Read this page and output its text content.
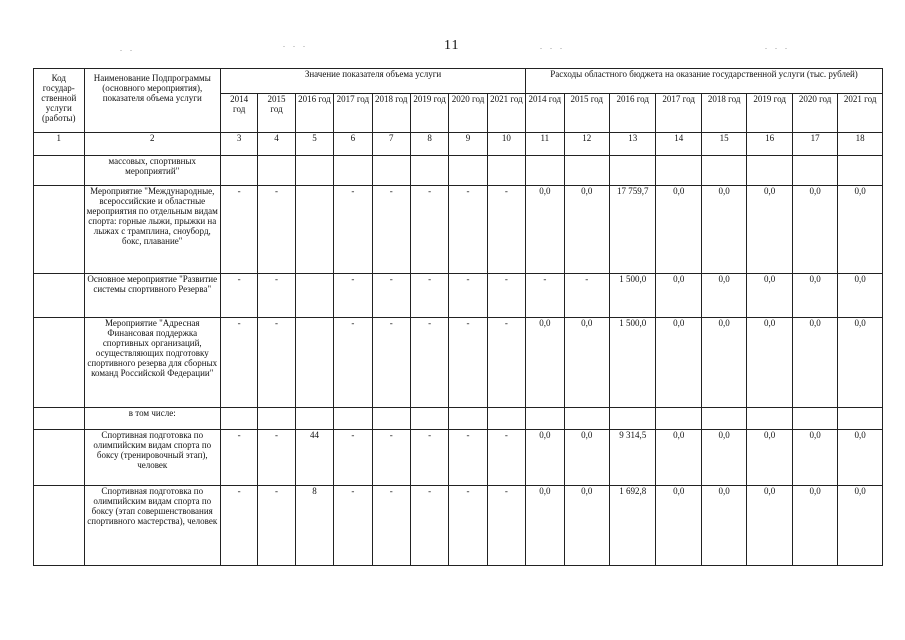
11
. .	. . .	. . .	. . .
Код государ-ственной услуги (работы)	Наименование Подпрограммы (основного мероприятия), показателя объема услуги	Значение показателя объема услуги								Расходы областного бюджета на оказание государственной услуги (тыс. рублей)							
		2014 год	2015 год	2016 год	2017 год	2018 год	2019 год	2020 год	2021 год	2014 год	2015 год	2016 год	2017 год	2018 год	2019 год	2020 год	2021 год
1	2	3	4	5	6	7	8	9	10	11	12	13	14	15	16	17	18
	массовых, спортивных мероприятий"																
	Мероприятие "Международные, всероссийские и областные мероприятия по отдельным видам спорта: горные лыжи, прыжки на лыжах с трамплина, сноуборд, бокс, плавание"	-	-		-	-	-	-	-	0,0	0,0	17 759,7	0,0	0,0	0,0	0,0	0,0
	Основное мероприятие "Развитие системы спортивного Резерва"	-	-		-	-	-	-	-	-	-	1 500,0	0,0	0,0	0,0	0,0	0,0
	Мероприятие "Адресная Финансовая поддержка спортивных организаций, осуществляющих подготовку спортивного резерва для сборных команд Российской Федерации"	-	-		-	-	-	-	-	0,0	0,0	1 500,0	0,0	0,0	0,0	0,0	0,0
	в том числе:																
	Спортивная подготовка по олимпийским видам спорта по боксу (тренировочный этап), человек	-	-	44	-	-	-	-	-	0,0	0,0	9 314,5	0,0	0,0	0,0	0,0	0,0
	Спортивная подготовка по олимпийским видам спорта по боксу (этап совершенствования спортивного мастерства), человек	-	-	8	-	-	-	-	-	0,0	0,0	1 692,8	0,0	0,0	0,0	0,0	0,0
